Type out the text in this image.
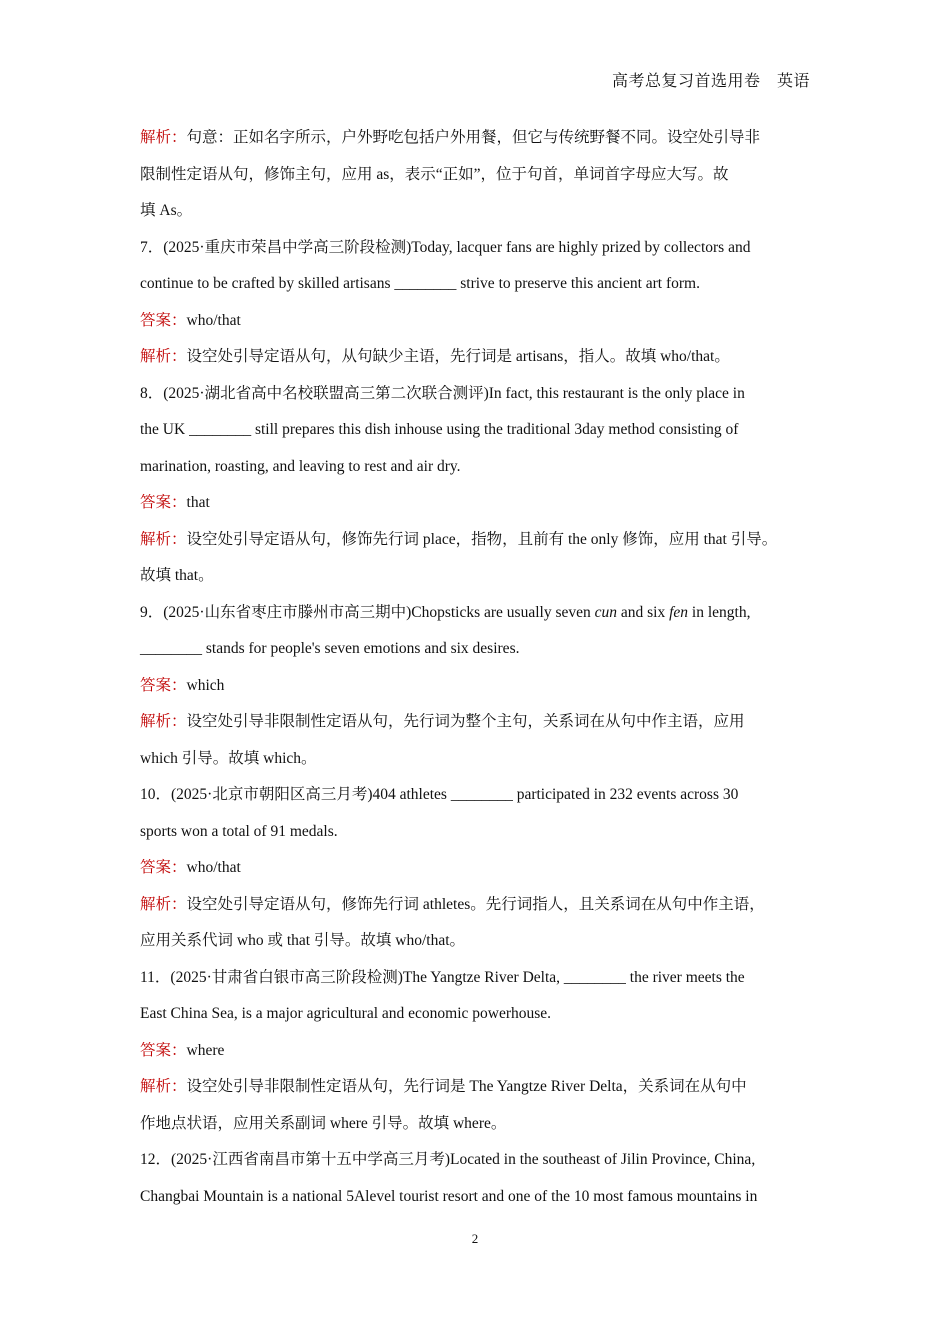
高考总复习首选用卷　英语
解析：句意：正如名字所示，户外野吃包括户外用餐，但它与传统野餐不同。设空处引导非
限制性定语从句，修饰主句，应用 as，表示“正如”，位于句首，单词首字母应大写。故
填 As。
7．(2025·重庆市荣昌中学高三阶段检测)Today, lacquer fans are highly prized by collectors and
continue to be crafted by skilled artisans ________ strive to preserve this ancient art form.
答案：who/that
解析：设空处引导定语从句，从句缺少主语，先行词是 artisans，指人。故填 who/that。
8．(2025·湖北省高中名校联盟高三第二次联合测评)In fact, this restaurant is the only place in
the UK ________ still prepares this dish inhouse using the traditional 3day method consisting of
marination, roasting, and leaving to rest and air dry.
答案：that
解析：设空处引导定语从句，修饰先行词 place，指物，且前有 the only 修饰，应用 that 引导。
故填 that。
9．(2025·山东省枣庄市滕州市高三期中)Chopsticks are usually seven cun and six fen in length,
________ stands for people's seven emotions and six desires.
答案：which
解析：设空处引导非限制性定语从句，先行词为整个主句，关系词在从句中作主语，应用
which 引导。故填 which。
10．(2025·北京市朝阳区高三月考)404 athletes ________ participated in 232 events across 30
sports won a total of 91 medals.
答案：who/that
解析：设空处引导定语从句，修饰先行词 athletes。先行词指人，且关系词在从句中作主语，
应用关系代词 who 或 that 引导。故填 who/that。
11．(2025·甘肃省白银市高三阶段检测)The Yangtze River Delta, ________ the river meets the
East China Sea, is a major agricultural and economic powerhouse.
答案：where
解析：设空处引导非限制性定语从句，先行词是 The Yangtze River Delta，关系词在从句中
作地点状语，应用关系副词 where 引导。故填 where。
12．(2025·江西省南昌市第十五中学高三月考)Located in the southeast of Jilin Province, China,
Changbai Mountain is a national 5Alevel tourist resort and one of the 10 most famous mountains in
2
